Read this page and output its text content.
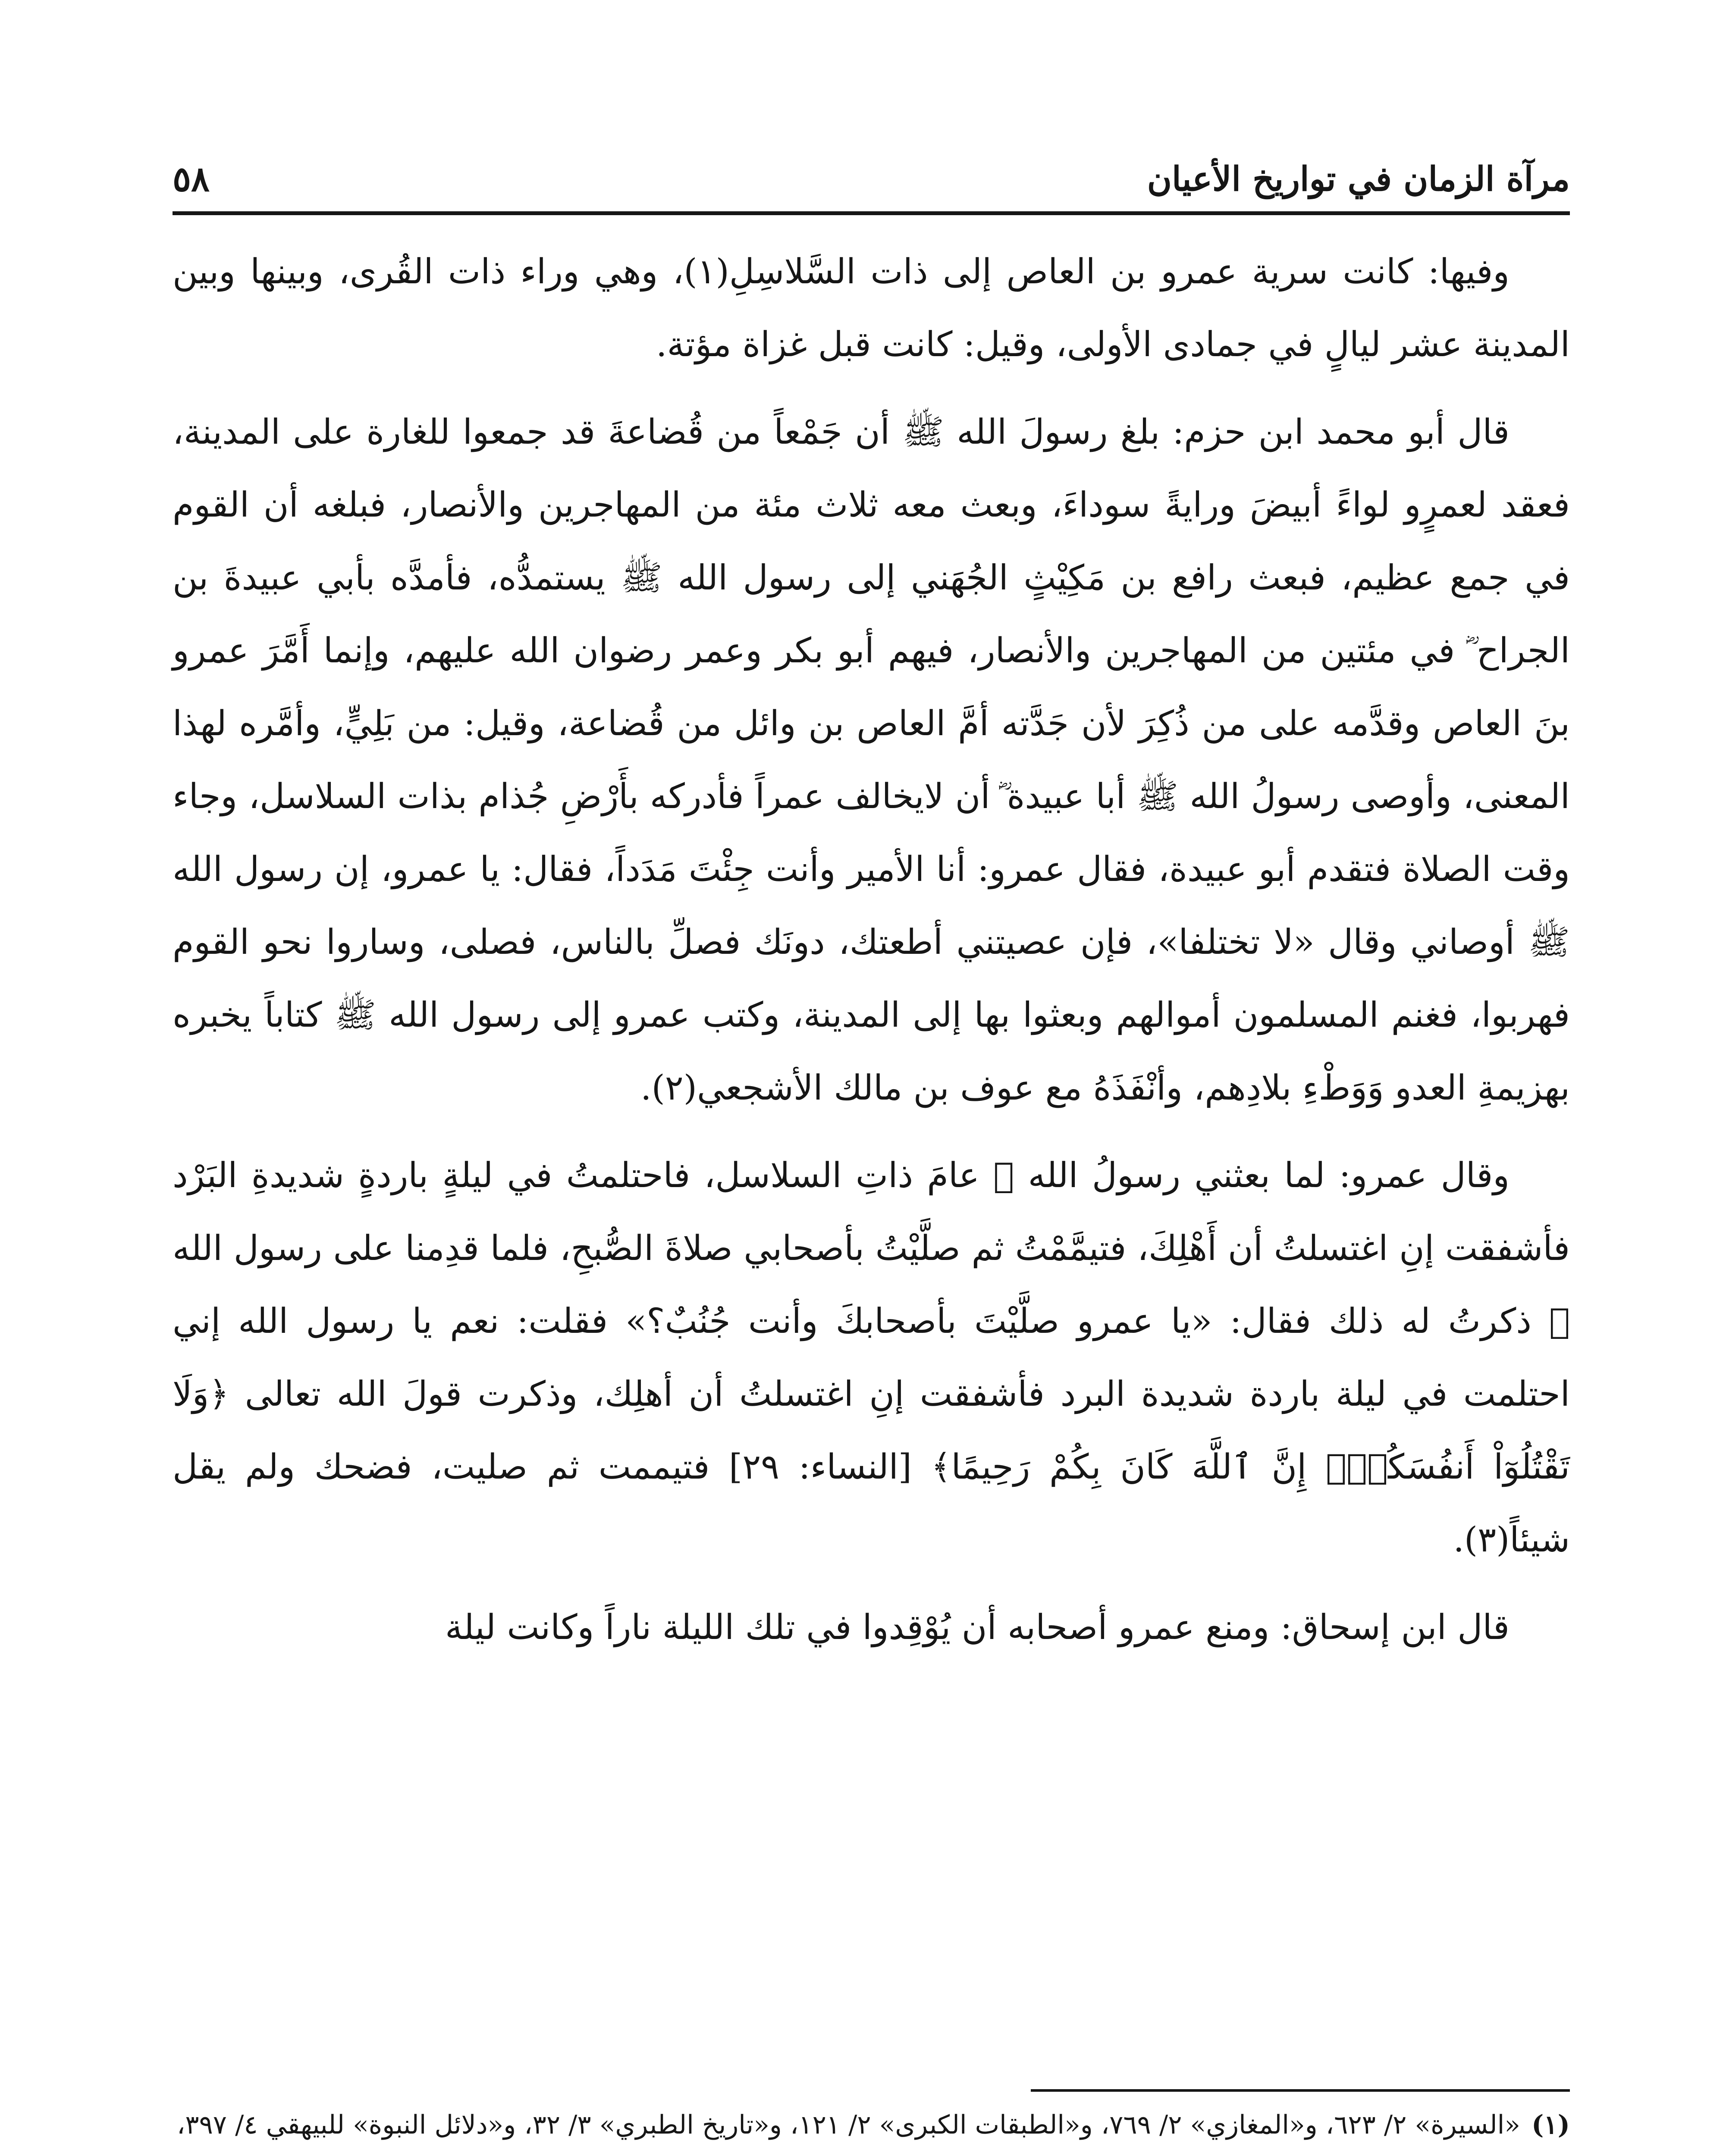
مرآة الزمان في تواريخ الأعيان
٥٨

وفيها: كانت سرية عمرو بن العاص إلى ذات السَّلاسِلِ(١)، وهي وراء ذات القُرى، وبينها وبين المدينة عشر ليالٍ في جمادى الأولى، وقيل: كانت قبل غزاة مؤتة.

قال أبو محمد ابن حزم: بلغ رسولَ الله ﷺ أن جَمْعاً من قُضاعةَ قد جمعوا للغارة على المدينة، فعقد لعمرٍو لواءً أبيضَ ورايةً سوداءَ، وبعث معه ثلاث مئة من المهاجرين والأنصار، فبلغه أن القوم في جمع عظيم، فبعث رافع بن مَكِيْثٍ الجُهَني إلى رسول الله ﷺ يستمدُّه، فأمدَّه بأبي عبيدةَ بن الجراح ؓ في مئتين من المهاجرين والأنصار، فيهم أبو بكر وعمر رضوان الله عليهم، وإنما أَمَّرَ عمرو بنَ العاص وقدَّمه على من ذُكِرَ لأن جَدَّته أمَّ العاص بن وائل من قُضاعة، وقيل: من بَلِيٍّ، وأمَّره لهذا المعنى، وأوصى رسولُ الله ﷺ أبا عبيدة ؓ أن لايخالف عمراً فأدركه بأَرْضِ جُذام بذات السلاسل، وجاء وقت الصلاة فتقدم أبو عبيدة، فقال عمرو: أنا الأمير وأنت جِئْتَ مَدَداً، فقال: يا عمرو، إن رسول الله ﷺ أوصاني وقال «لا تختلفا»، فإن عصيتني أطعتك، دونَك فصلِّ بالناس، فصلى، وساروا نحو القوم فهربوا، فغنم المسلمون أموالهم وبعثوا بها إلى المدينة، وكتب عمرو إلى رسول الله ﷺ كتاباً يخبره بهزيمةِ العدو وَوَطْءِ بلادِهم، وأنْفَذَهُ مع عوف بن مالك الأشجعي(٢).

وقال عمرو: لما بعثني رسولُ الله ﷺ عامَ ذاتِ السلاسل، فاحتلمتُ في ليلةٍ باردةٍ شديدةِ البَرْد فأشفقت إنِ اغتسلتُ أن أَهْلِكَ، فتيمَّمْتُ ثم صلَّيْتُ بأصحابي صلاةَ الصُّبحِ، فلما قدِمنا على رسول الله ﷺ ذكرتُ له ذلك فقال: «يا عمرو صلَّيْتَ بأصحابكَ وأنت جُنُبٌ؟» فقلت: نعم يا رسول الله إني احتلمت في ليلة باردة شديدة البرد فأشفقت إنِ اغتسلتُ أن أهلِك، وذكرت قولَ الله تعالى ﴿وَلَا تَقْتُلُوٓاْ أَنفُسَكُمْۚ إِنَّ ٱللَّهَ كَانَ بِكُمْ رَحِيمًا﴾ [النساء: ٢٩] فتيممت ثم صليت، فضحك ولم يقل شيئاً(٣).

قال ابن إسحاق: ومنع عمرو أصحابه أن يُوْقِدوا في تلك الليلة ناراً وكانت ليلة

(١)«السيرة» ٢/ ٦٢٣، و«المغازي» ٢/ ٧٦٩، و«الطبقات الكبرى» ٢/ ١٢١، و«تاريخ الطبري» ٣/ ٣٢، و«دلائل النبوة» للبيهقي ٤/ ٣٩٧،
